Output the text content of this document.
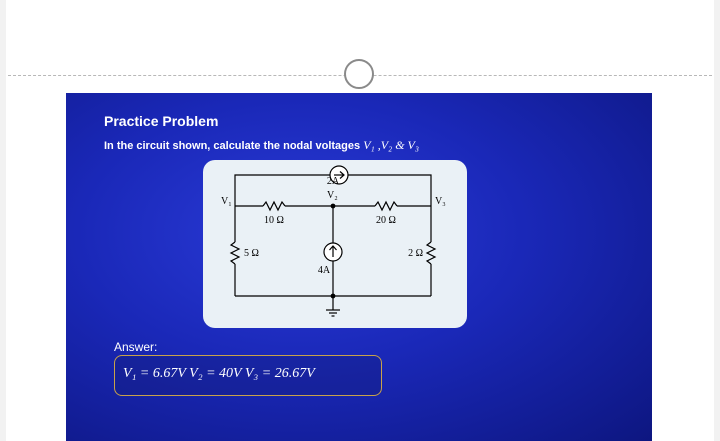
Practice Problem
In the circuit shown, calculate the nodal voltages V₁ ,V₂ & V₃
2A
V₁
V₂
V₃
10 Ω	20 Ω
5 Ω	2 Ω
4A
Answer:
V₁ = 6.67V V₂ = 40V V₃ = 26.67V
